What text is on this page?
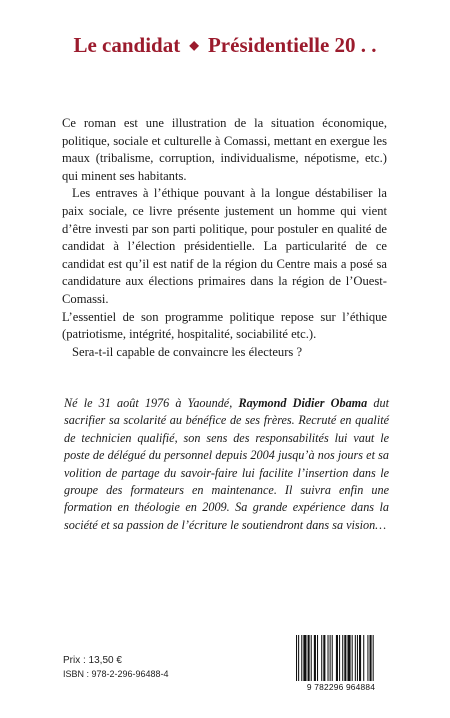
Le candidat ◆ Présidentielle 20 . .

Ce roman est une illustration de la situation économique, politique, sociale et culturelle à Comassi, mettant en exergue les maux (tribalisme, corruption, individualisme, népotisme, etc.) qui minent ses habitants.

Les entraves à l’éthique pouvant à la longue déstabiliser la paix sociale, ce livre présente justement un homme qui vient d’être investi par son parti politique, pour postuler en qualité de candidat à l’élection présidentielle. La particularité de ce candidat est qu’il est natif de la région du Centre mais a posé sa candidature aux élections primaires dans la région de l’Ouest-Comassi.

L’essentiel de son programme politique repose sur l’éthique (patriotisme, intégrité, hospitalité, sociabilité etc.).

Sera-t-il capable de convaincre les électeurs ?

Né le 31 août 1976 à Yaoundé, Raymond Didier Obama dut sacrifier sa scolarité au bénéfice de ses frères. Recruté en qualité de technicien qualifié, son sens des responsabilités lui vaut le poste de délégué du personnel depuis 2004 jusqu’à nos jours et sa volition de partage du savoir-faire lui facilite l’insertion dans le groupe des formateurs en maintenance. Il suivra enfin une formation en théologie en 2009. Sa grande expérience dans la société et sa passion de l’écriture le soutiendront dans sa vision…
Prix : 13,50 €
ISBN : 978-2-296-96488-4
9 782296 964884
